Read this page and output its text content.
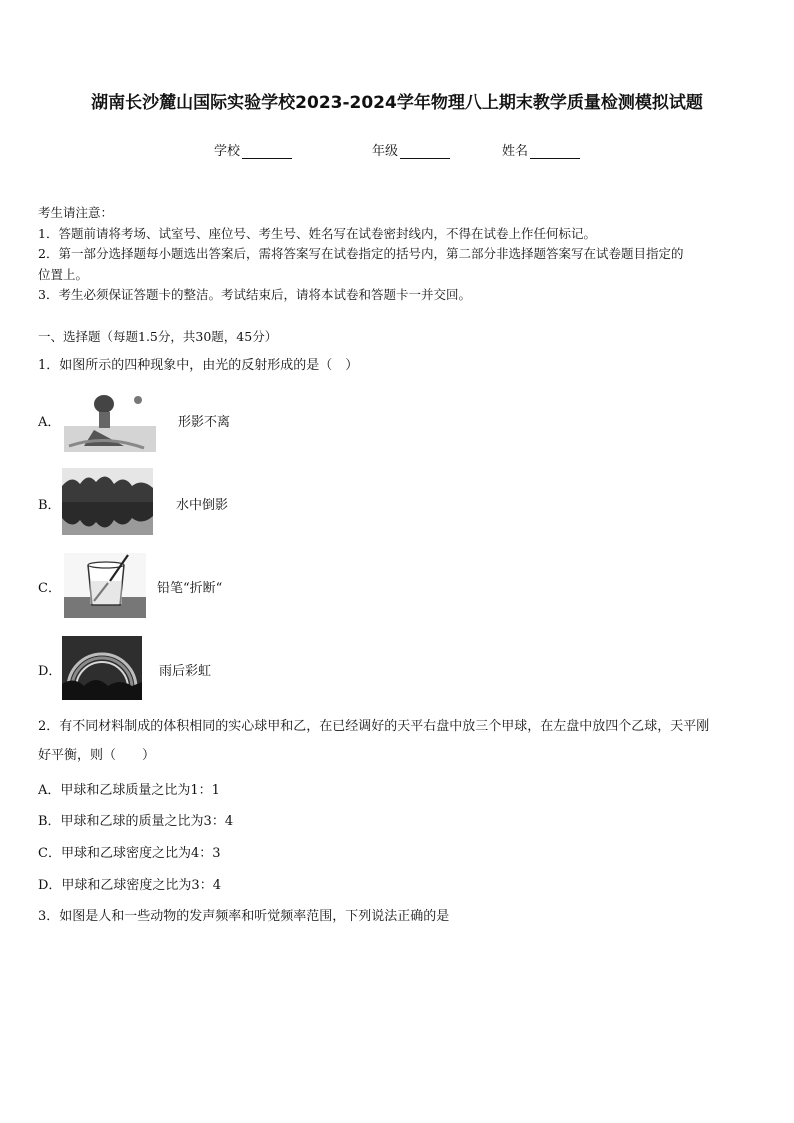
湖南长沙麓山国际实验学校2023-2024学年物理八上期末教学质量检测模拟试题
学校	年级	姓名

考生请注意：

1．答题前请将考场、试室号、座位号、考生号、姓名写在试卷密封线内，不得在试卷上作任何标记。

2．第一部分选择题每小题选出答案后，需将答案写在试卷指定的括号内，第二部分非选择题答案写在试卷题目指定的

位置上。

3．考生必须保证答题卡的整洁。考试结束后，请将本试卷和答题卡一并交回。

一、选择题（每题1.5分，共30题，45分）
1．如图所示的四种现象中，由光的反射形成的是（　）
A．	形影不离
B．	水中倒影
C．	铅笔“折断“
D．	雨后彩虹
2．有不同材料制成的体积相同的实心球甲和乙，在已经调好的天平右盘中放三个甲球，在左盘中放四个乙球，天平刚
好平衡，则（　　）
A．甲球和乙球质量之比为1：1
B．甲球和乙球的质量之比为3：4
C．甲球和乙球密度之比为4：3
D．甲球和乙球密度之比为3：4
3．如图是人和一些动物的发声频率和听觉频率范围，下列说法正确的是
